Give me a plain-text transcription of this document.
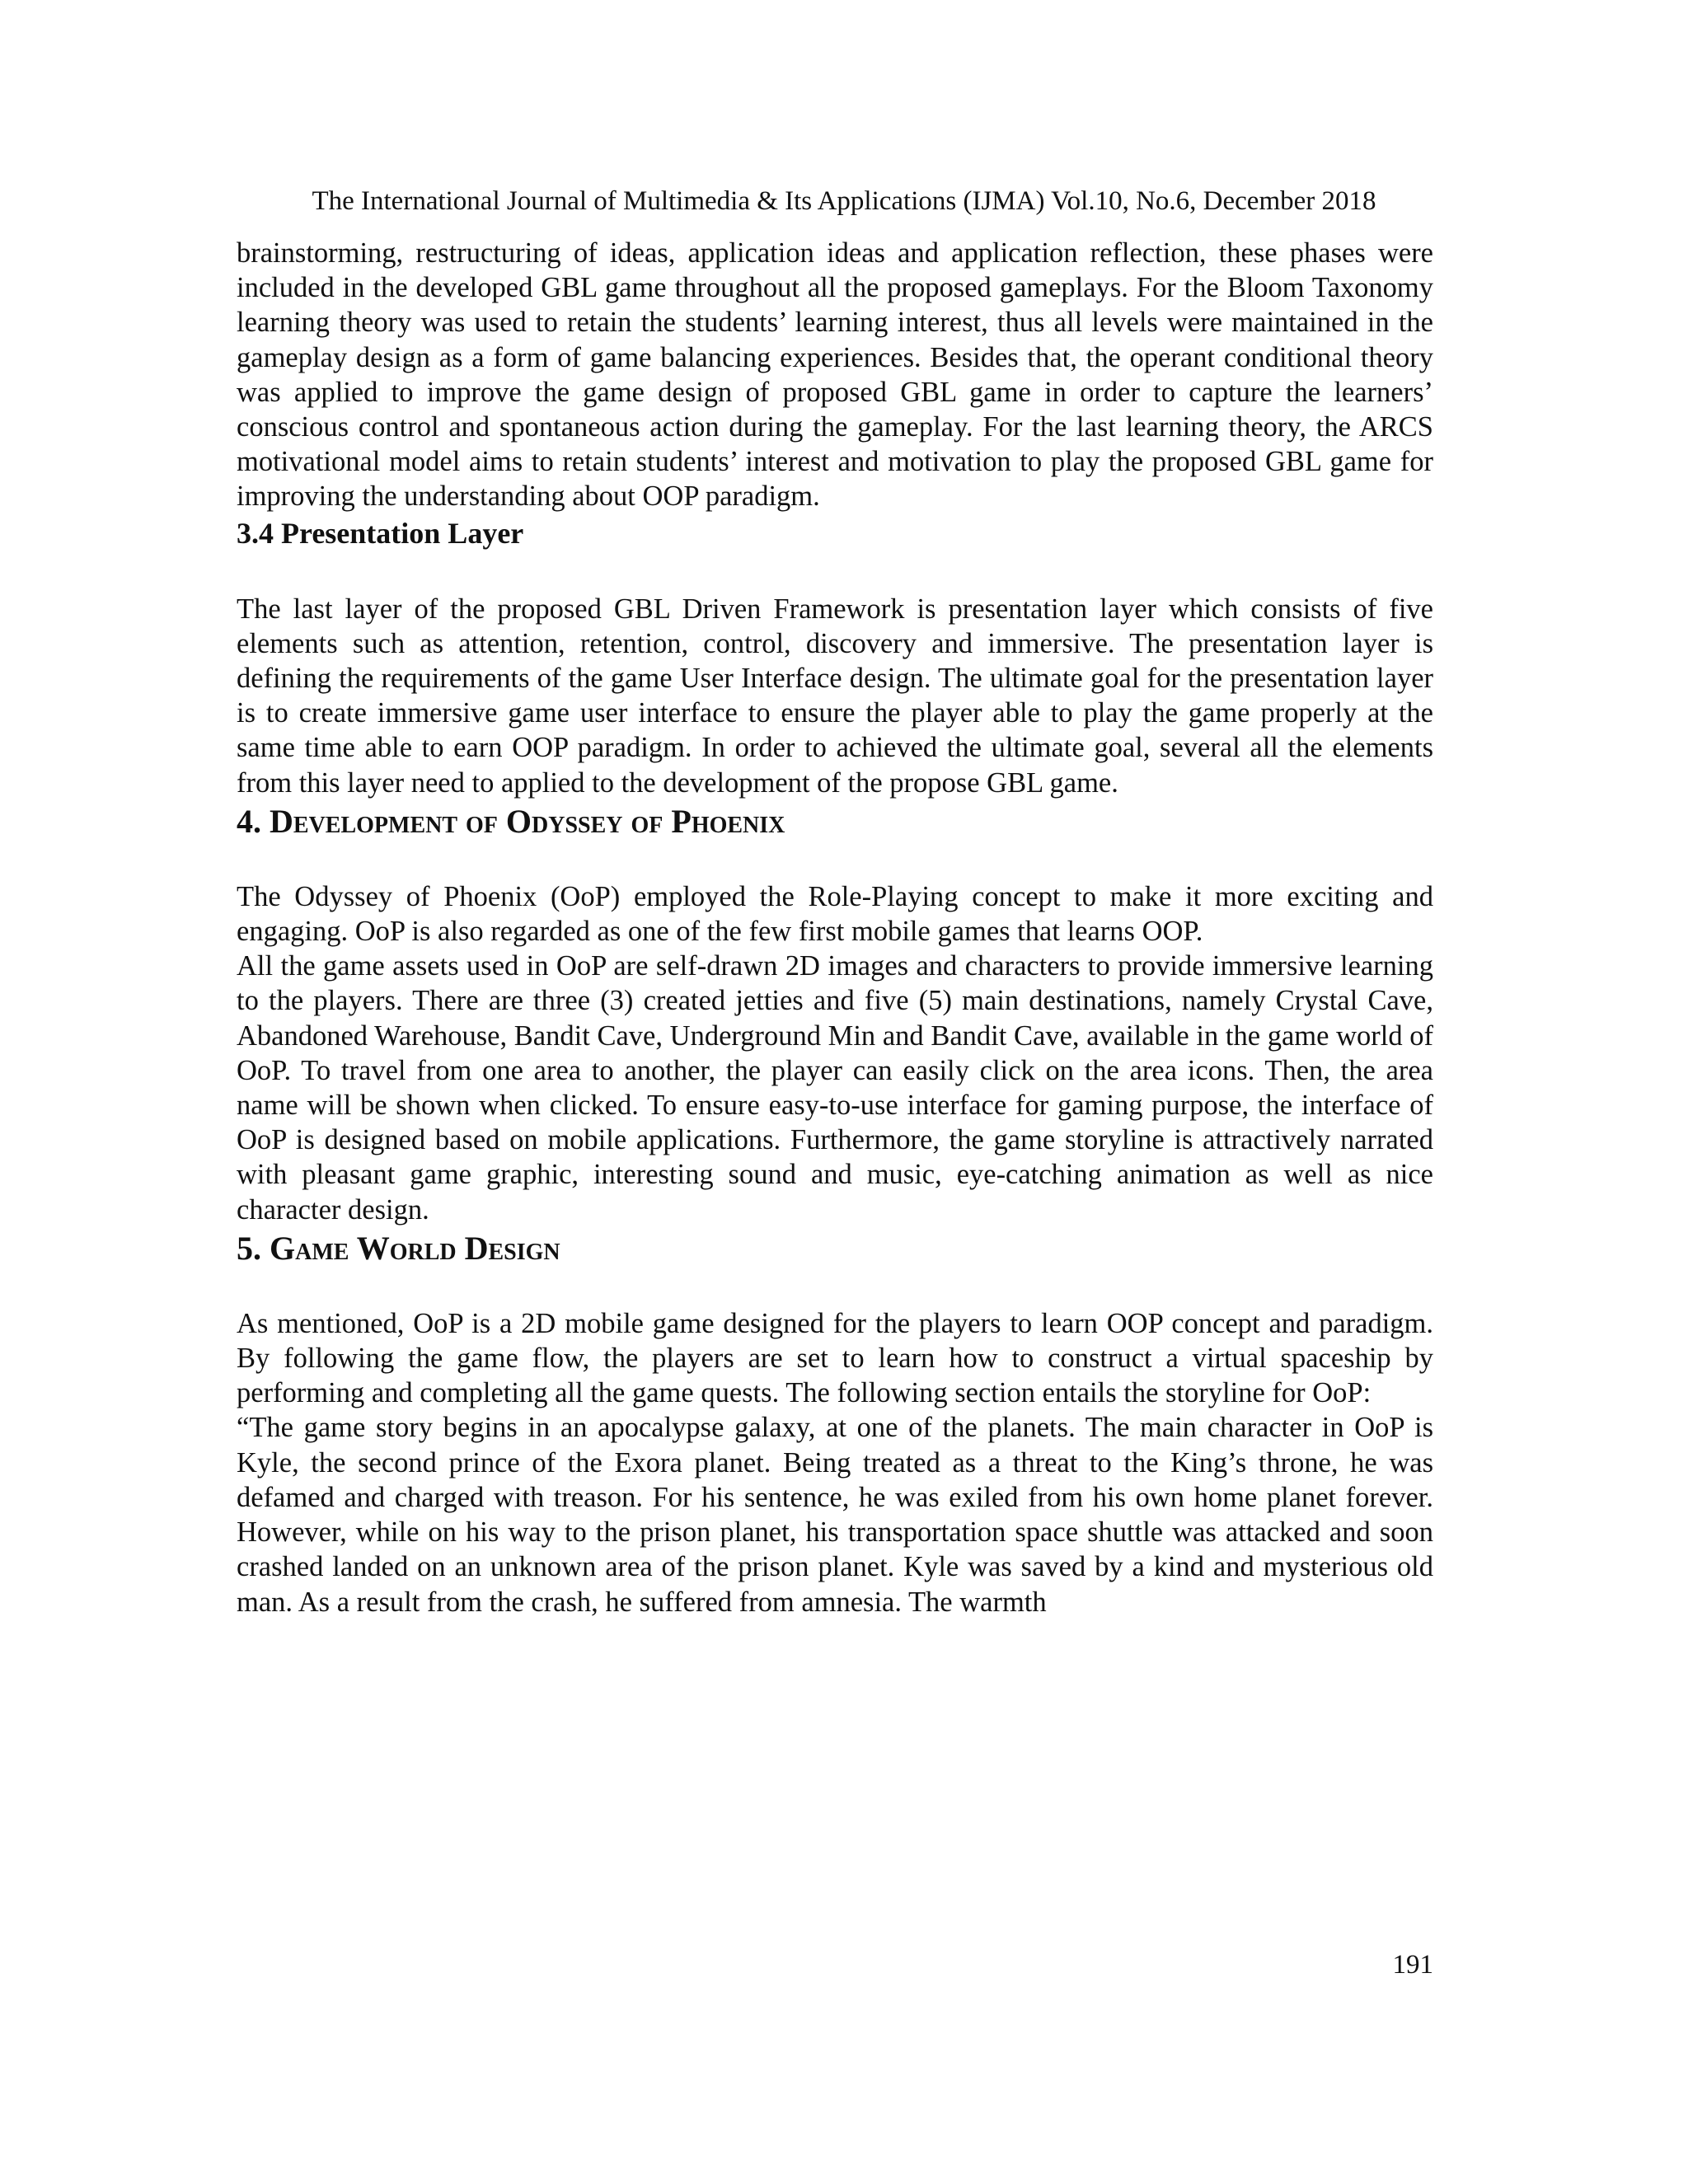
The International Journal of Multimedia & Its Applications (IJMA) Vol.10, No.6, December 2018

brainstorming, restructuring of ideas, application ideas and application reflection, these phases were included in the developed GBL game throughout all the proposed gameplays. For the Bloom Taxonomy learning theory was used to retain the students’ learning interest, thus all levels were maintained in the gameplay design as a form of game balancing experiences. Besides that, the operant conditional theory was applied to improve the game design of proposed GBL game in order to capture the learners’ conscious control and spontaneous action during the gameplay. For the last learning theory, the ARCS motivational model aims to retain students’ interest and motivation to play the proposed GBL game for improving the understanding about OOP paradigm.

3.4 Presentation Layer

The last layer of the proposed GBL Driven Framework is presentation layer which consists of five elements such as attention, retention, control, discovery and immersive. The presentation layer is defining the requirements of the game User Interface design. The ultimate goal for the presentation layer is to create immersive game user interface to ensure the player able to play the game properly at the same time able to earn OOP paradigm. In order to achieved the ultimate goal, several all the elements from this layer need to applied to the development of the propose GBL game.

4. Development of Odyssey of Phoenix

The Odyssey of Phoenix (OoP) employed the Role-Playing concept to make it more exciting and engaging. OoP is also regarded as one of the few first mobile games that learns OOP.

All the game assets used in OoP are self-drawn 2D images and characters to provide immersive learning to the players. There are three (3) created jetties and five (5) main destinations, namely Crystal Cave, Abandoned Warehouse, Bandit Cave, Underground Min and Bandit Cave, available in the game world of OoP. To travel from one area to another, the player can easily click on the area icons. Then, the area name will be shown when clicked. To ensure easy-to-use interface for gaming purpose, the interface of OoP is designed based on mobile applications. Furthermore, the game storyline is attractively narrated with pleasant game graphic, interesting sound and music, eye-catching animation as well as nice character design.

5. Game World Design

As mentioned, OoP is a 2D mobile game designed for the players to learn OOP concept and paradigm. By following the game flow, the players are set to learn how to construct a virtual spaceship by performing and completing all the game quests. The following section entails the storyline for OoP:

“The game story begins in an apocalypse galaxy, at one of the planets. The main character in OoP is Kyle, the second prince of the Exora planet. Being treated as a threat to the King’s throne, he was defamed and charged with treason. For his sentence, he was exiled from his own home planet forever. However, while on his way to the prison planet, his transportation space shuttle was attacked and soon crashed landed on an unknown area of the prison planet. Kyle was saved by a kind and mysterious old man. As a result from the crash, he suffered from amnesia. The warmth

191
